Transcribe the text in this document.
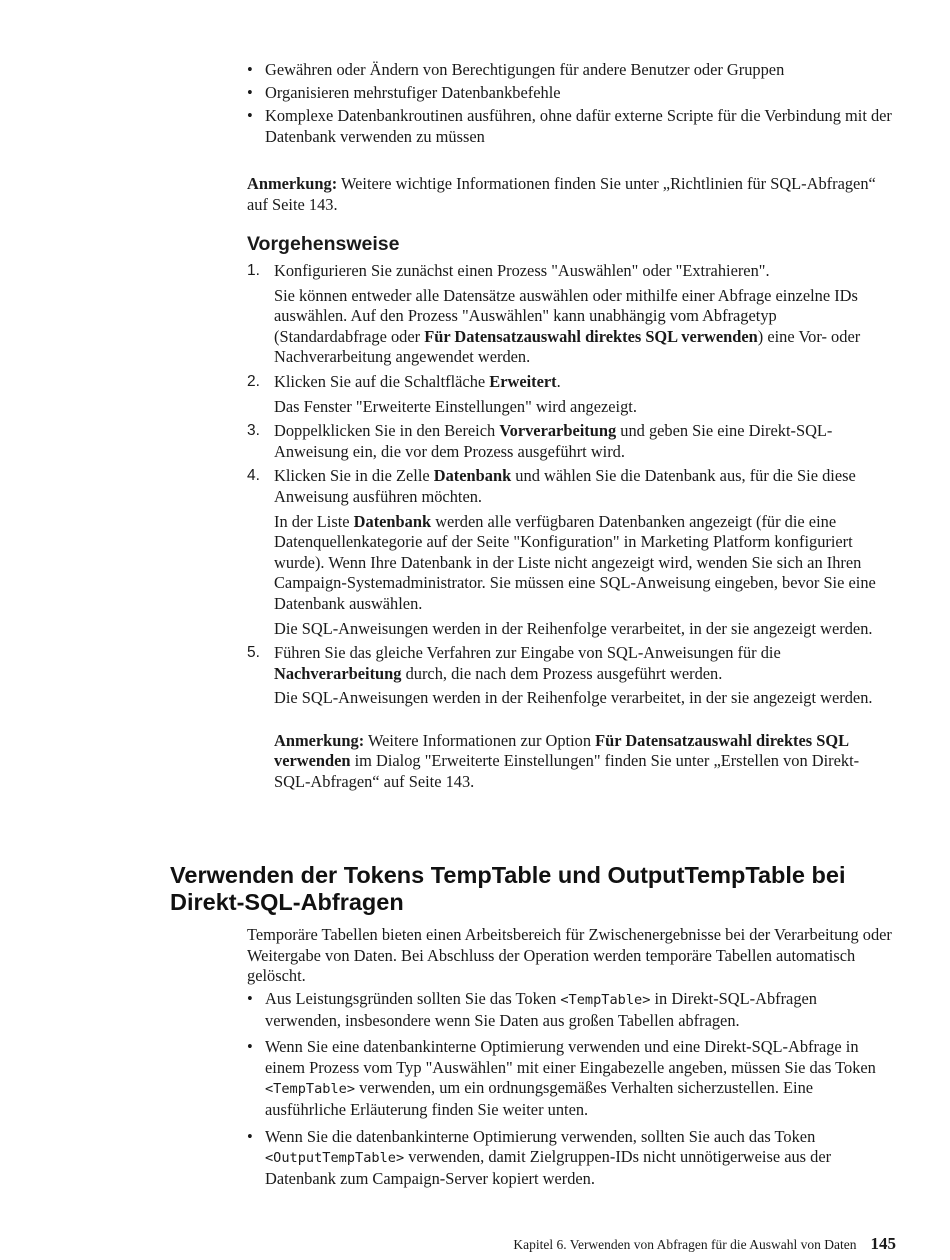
• Gewähren oder Ändern von Berechtigungen für andere Benutzer oder Gruppen
• Organisieren mehrstufiger Datenbankbefehle
• Komplexe Datenbankroutinen ausführen, ohne dafür externe Scripte für die Verbindung mit der Datenbank verwenden zu müssen

Anmerkung: Weitere wichtige Informationen finden Sie unter „Richtlinien für SQL-Abfragen“ auf Seite 143.

Vorgehensweise
1. Konfigurieren Sie zunächst einen Prozess "Auswählen" oder "Extrahieren".

Sie können entweder alle Datensätze auswählen oder mithilfe einer Abfrage einzelne IDs auswählen. Auf den Prozess "Auswählen" kann unabhängig vom Abfragetyp (Standardabfrage oder Für Datensatzauswahl direktes SQL verwenden) eine Vor- oder Nachverarbeitung angewendet werden.

2. Klicken Sie auf die Schaltfläche Erweitert.

Das Fenster "Erweiterte Einstellungen" wird angezeigt.

3. Doppelklicken Sie in den Bereich Vorverarbeitung und geben Sie eine Direkt-SQL-Anweisung ein, die vor dem Prozess ausgeführt wird.

4. Klicken Sie in die Zelle Datenbank und wählen Sie die Datenbank aus, für die Sie diese Anweisung ausführen möchten.

In der Liste Datenbank werden alle verfügbaren Datenbanken angezeigt (für die eine Datenquellenkategorie auf der Seite "Konfiguration" in Marketing Platform konfiguriert wurde). Wenn Ihre Datenbank in der Liste nicht angezeigt wird, wenden Sie sich an Ihren Campaign-Systemadministrator. Sie müssen eine SQL-Anweisung eingeben, bevor Sie eine Datenbank auswählen.

Die SQL-Anweisungen werden in der Reihenfolge verarbeitet, in der sie angezeigt werden.

5. Führen Sie das gleiche Verfahren zur Eingabe von SQL-Anweisungen für die Nachverarbeitung durch, die nach dem Prozess ausgeführt werden.

Die SQL-Anweisungen werden in der Reihenfolge verarbeitet, in der sie angezeigt werden.

Anmerkung: Weitere Informationen zur Option Für Datensatzauswahl direktes SQL verwenden im Dialog "Erweiterte Einstellungen" finden Sie unter „Erstellen von Direkt-SQL-Abfragen“ auf Seite 143.

Verwenden der Tokens TempTable und OutputTempTable bei Direkt-SQL-Abfragen

Temporäre Tabellen bieten einen Arbeitsbereich für Zwischenergebnisse bei der Verarbeitung oder Weitergabe von Daten. Bei Abschluss der Operation werden temporäre Tabellen automatisch gelöscht.

• Aus Leistungsgründen sollten Sie das Token <TempTable> in Direkt-SQL-Abfragen verwenden, insbesondere wenn Sie Daten aus großen Tabellen abfragen.
• Wenn Sie eine datenbankinterne Optimierung verwenden und eine Direkt-SQL-Abfrage in einem Prozess vom Typ "Auswählen" mit einer Eingabezelle angeben, müssen Sie das Token <TempTable> verwenden, um ein ordnungsgemäßes Verhalten sicherzustellen. Eine ausführliche Erläuterung finden Sie weiter unten.
• Wenn Sie die datenbankinterne Optimierung verwenden, sollten Sie auch das Token <OutputTempTable> verwenden, damit Zielgruppen-IDs nicht unnötigerweise aus der Datenbank zum Campaign-Server kopiert werden.
Kapitel 6. Verwenden von Abfragen für die Auswahl von Daten 145
